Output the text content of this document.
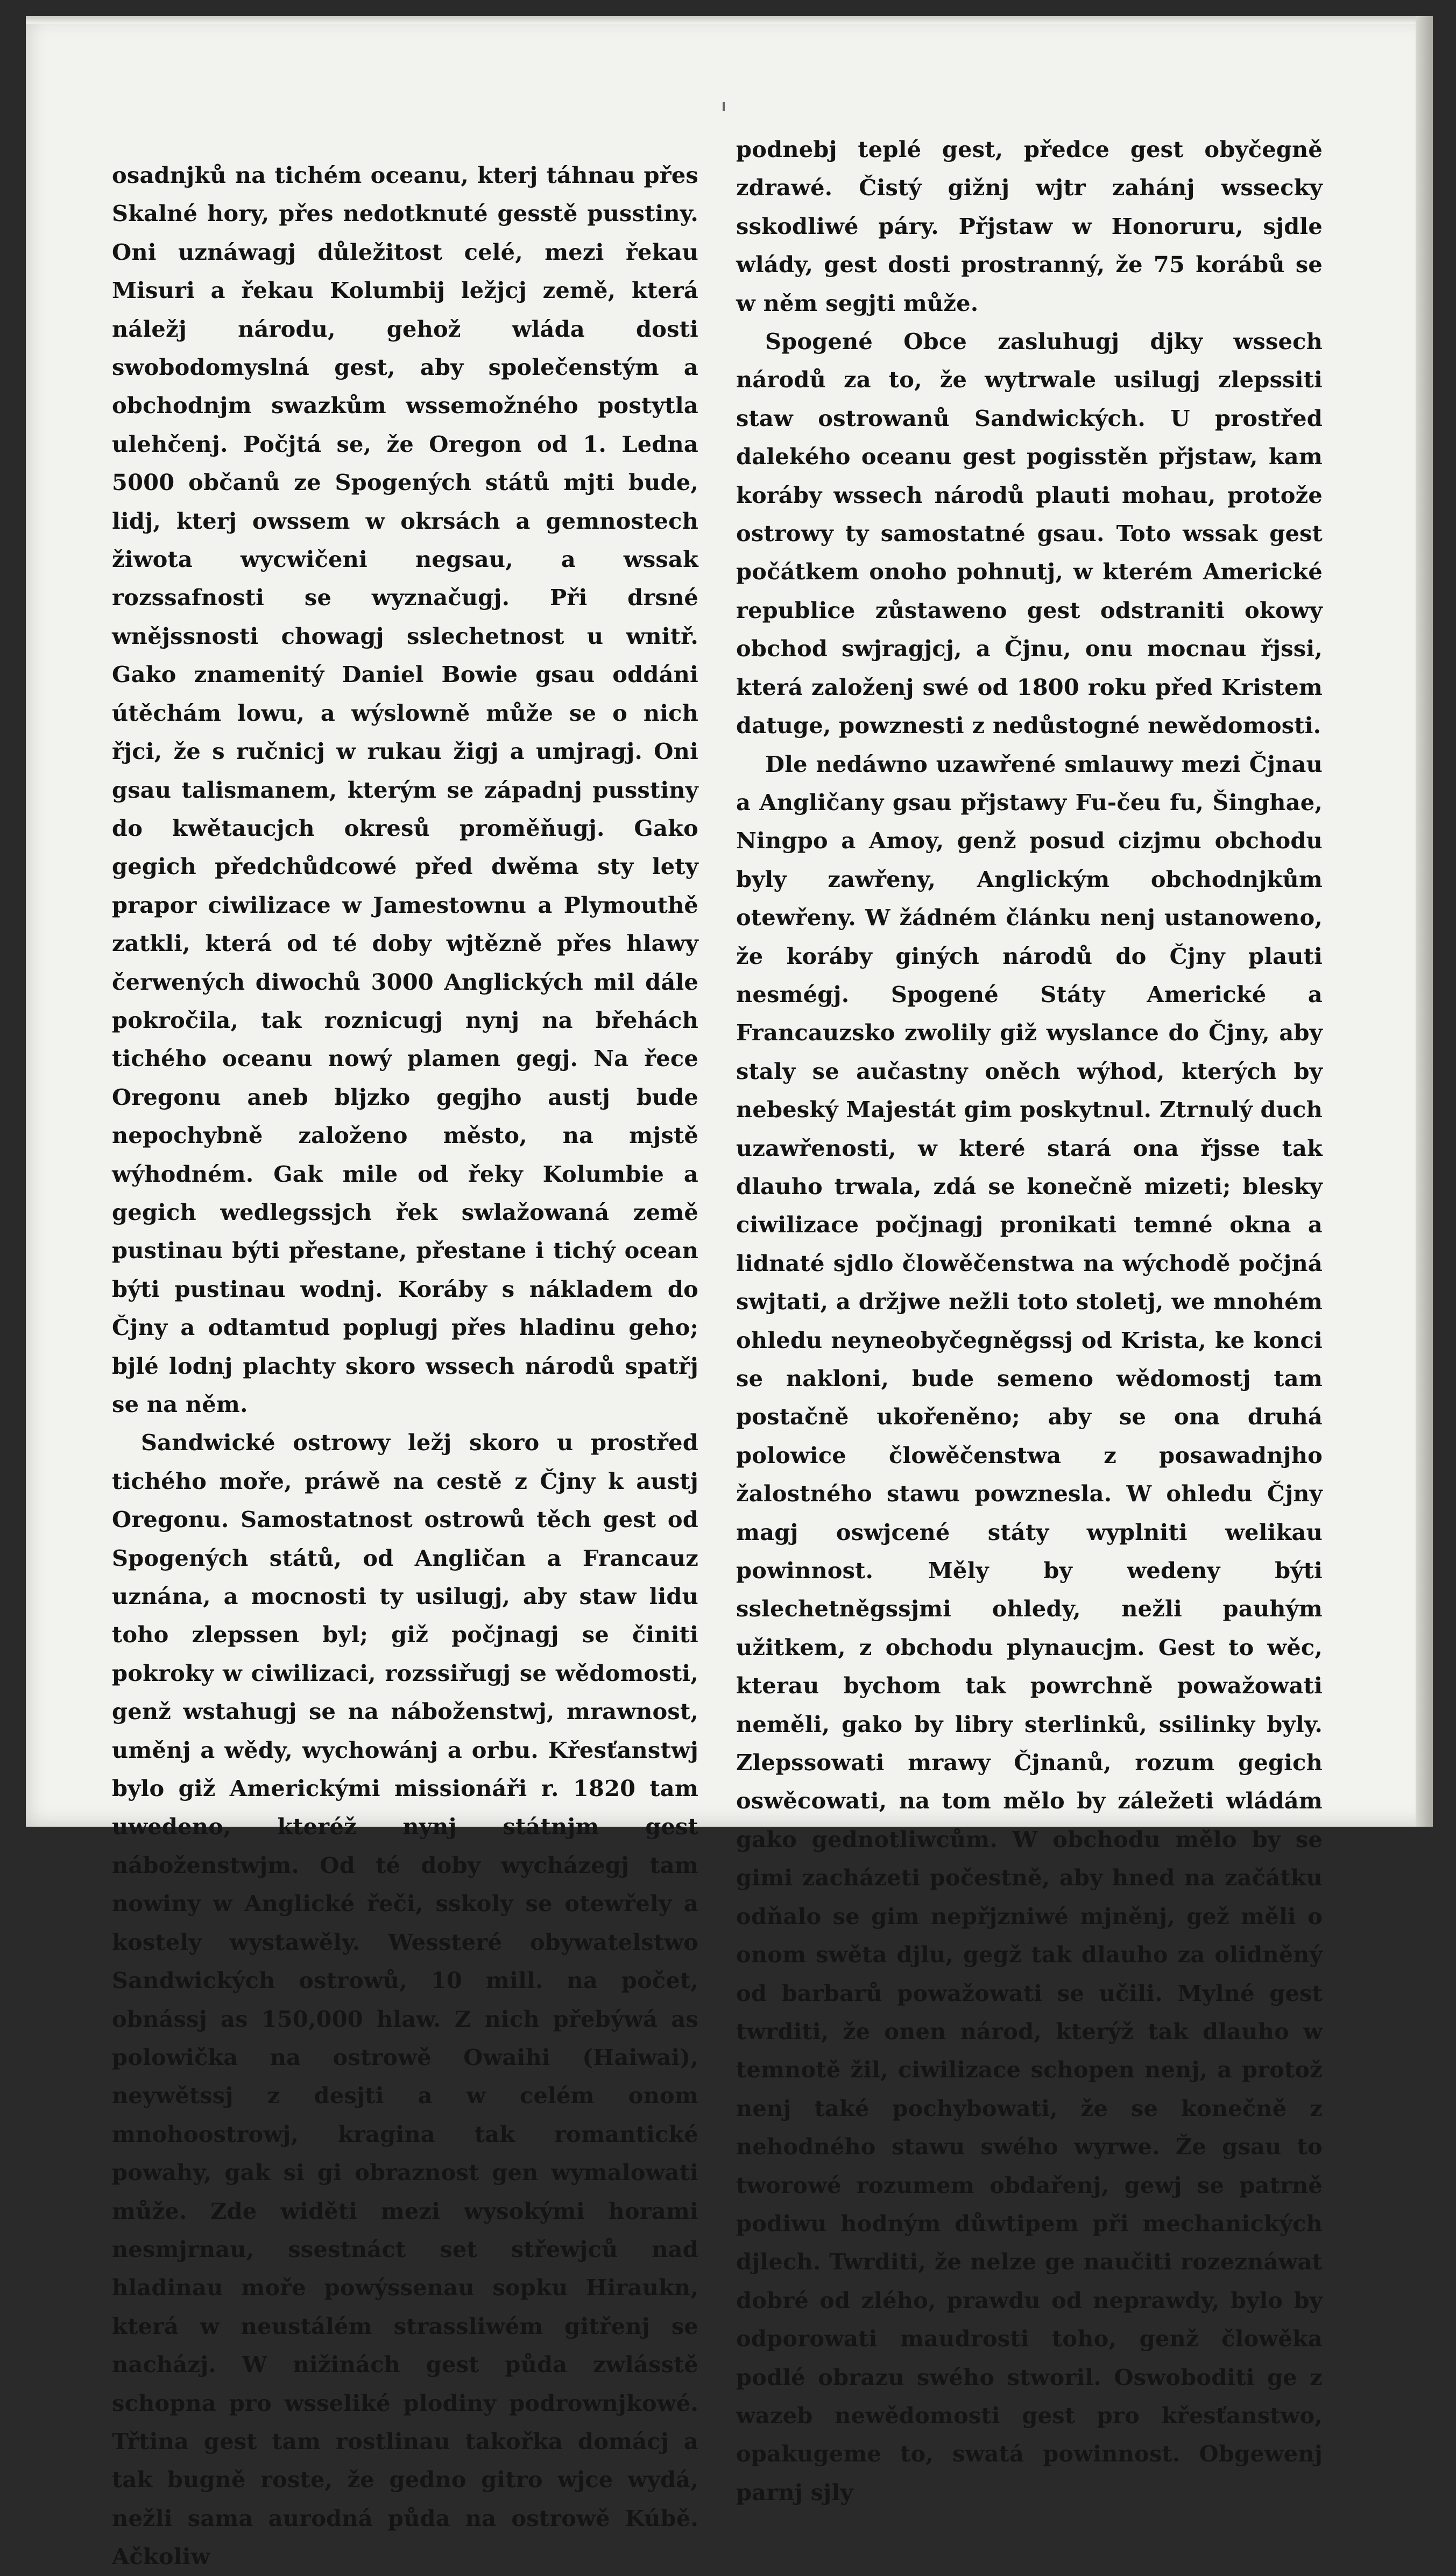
osadnjků na tichém oceanu, kterj táhnau přes Skalné hory, přes nedotknuté gesstě pusstiny. Oni uznáwagj důležitost celé, mezi řekau Misuri a řekau Kolumbij ležjcj země, která náležj národu, gehož wláda dosti swobodomyslná gest, aby společenstým a obchodnjm swazkům wssemožného postytla ulehčenj. Počjtá se, že Oregon od 1. Ledna 5000 občanů ze Spogených států mjti bude, lidj, kterj owssem w okrsách a gemnostech žiwota wycwičeni negsau, a wssak rozssafnosti se wyznačugj. Při drsné wnějssnosti chowagj sslechetnost u wnitř. Gako znamenitý Daniel Bowie gsau oddáni útěchám lowu, a wýslowně může se o nich řjci, že s ručnicj w rukau žigj a umjragj. Oni gsau talismanem, kterým se západnj pusstiny do kwětaucjch okresů proměňugj. Gako gegich předchůdcowé před dwěma sty lety prapor ciwilizace w Jamestownu a Plymouthě zatkli, která od té doby wjtězně přes hlawy čerwených diwochů 3000 Anglických mil dále pokročila, tak roznicugj nynj na břehách tichého oceanu nowý plamen gegj. Na řece Oregonu aneb bljzko gegjho austj bude nepochybně založeno město, na mjstě wýhodném. Gak mile od řeky Kolumbie a gegich wedlegssjch řek swlažowaná země pustinau býti přestane, přestane i tichý ocean býti pustinau wodnj. Koráby s nákladem do Čjny a odtamtud poplugj přes hladinu geho; bjlé lodnj plachty skoro wssech národů spatřj se na něm.

Sandwické ostrowy ležj skoro u prostřed tichého moře, práwě na cestě z Čjny k austj Oregonu. Samostatnost ostrowů těch gest od Spogených států, od Angličan a Francauz uznána, a mocnosti ty usilugj, aby staw lidu toho zlepssen byl; giž počjnagj se činiti pokroky w ciwilizaci, rozssiřugj se wědomosti, genž wstahugj se na náboženstwj, mrawnost, uměnj a wědy, wychowánj a orbu. Křesťanstwj bylo giž Americkými missionáři r. 1820 tam uwedeno, kteréž nynj státnjm gest náboženstwjm. Od té doby wycházegj tam nowiny w Anglické řeči, sskoly se otewřely a kostely wystawěly. Wessteré obywatelstwo Sandwických ostrowů, 10 mill. na počet, obnássj as 150,000 hlaw. Z nich přebýwá as polowička na ostrowě Owaihi (Haiwai), neywětssj z desjti a w celém onom mnohoostrowj, kragina tak romantické powahy, gak si gi obraznost gen wymalowati může. Zde widěti mezi wysokými horami nesmjrnau, ssestnáct set střewjců nad hladinau moře powýssenau sopku Hiraukn, která w neustálém strassliwém gitřenj se nacházj. W nižinách gest půda zwlásstě schopna pro wsseliké plodiny podrownjkowé. Třtina gest tam rostlinau takořka domácj a tak bugně roste, že gedno gitro wjce wydá, nežli sama aurodná půda na ostrowě Kúbě. Ačkoliw

podnebj teplé gest, předce gest obyčegně zdrawé. Čistý gižnj wjtr zahánj wssecky sskodliwé páry. Přjstaw w Honoruru, sjdle wlády, gest dosti prostranný, že 75 korábů se w něm segjti může.

Spogené Obce zasluhugj djky wssech národů za to, že wytrwale usilugj zlepssiti staw ostrowanů Sandwických. U prostřed dalekého oceanu gest pogisstěn přjstaw, kam koráby wssech národů plauti mohau, protože ostrowy ty samostatné gsau. Toto wssak gest počátkem onoho pohnutj, w kterém Americké republice zůstaweno gest odstraniti okowy obchod swjragjcj, a Čjnu, onu mocnau řjssi, která založenj swé od 1800 roku před Kristem datuge, powznesti z nedůstogné newědomosti.

Dle nedáwno uzawřené smlauwy mezi Čjnau a Angličany gsau přjstawy Fu-čeu fu, Šinghae, Ningpo a Amoy, genž posud cizjmu obchodu byly zawřeny, Anglickým obchodnjkům otewřeny. W žádném článku nenj ustanoweno, že koráby giných národů do Čjny plauti nesmégj. Spogené Státy Americké a Francauzsko zwolily giž wyslance do Čjny, aby staly se aučastny oněch wýhod, kterých by nebeský Majestát gim poskytnul. Ztrnulý duch uzawřenosti, w které stará ona řjsse tak dlauho trwala, zdá se konečně mizeti; blesky ciwilizace počjnagj pronikati temné okna a lidnaté sjdlo člowěčenstwa na wýchodě počjná swjtati, a držjwe nežli toto stoletj, we mnohém ohledu neyneobyčegněgssj od Krista, ke konci se nakloni, bude semeno wědomostj tam postačně ukořeněno; aby se ona druhá polowice člowěčenstwa z posawadnjho žalostného stawu powznesla. W ohledu Čjny magj oswjcené státy wyplniti welikau powinnost. Měly by wedeny býti sslechetněgssjmi ohledy, nežli pauhým užitkem, z obchodu plynaucjm. Gest to wěc, kterau bychom tak powrchně powažowati neměli, gako by libry sterlinků, ssilinky byly. Zlepssowati mrawy Čjnanů, rozum gegich oswěcowati, na tom mělo by záležeti wládám gako gednotliwcům. W obchodu mělo by se gimi zacházeti počestně, aby hned na začátku odňalo se gim nepřjzniwé mjněnj, gež měli o onom swěta djlu, gegž tak dlauho za olidněný od barbarů powažowati se učili. Mylné gest twrditi, že onen národ, kterýž tak dlauho w temnotě žil, ciwilizace schopen nenj, a protož nenj také pochybowati, že se konečně z nehodného stawu swého wyrwe. Že gsau to tworowé rozumem obdařenj, gewj se patrně podiwu hodným důwtipem při mechanických djlech. Twrditi, že nelze ge naučiti rozeznáwat dobré od zlého, prawdu od neprawdy, bylo by odporowati maudrosti toho, genž člowěka podlé obrazu swého stworil. Oswoboditi ge z wazeb newědomosti gest pro křesťanstwo, opakugeme to, swatá powinnost. Obgewenj parnj sjly
